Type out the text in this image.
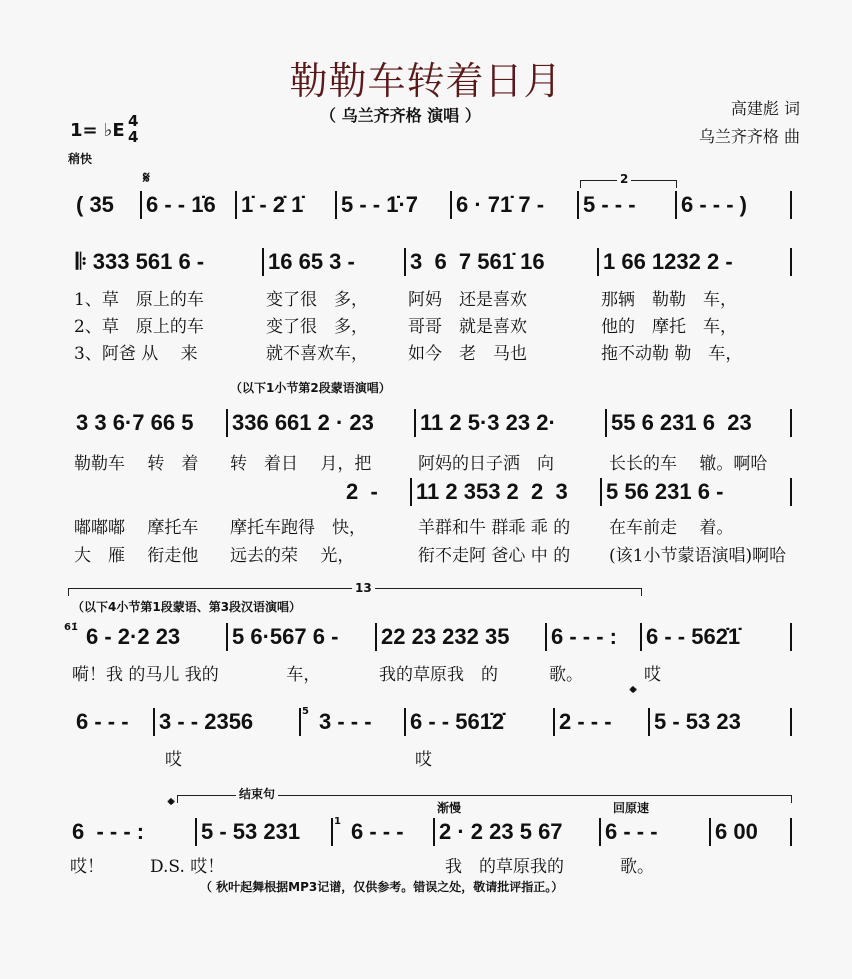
勒勒车转着日月
（ 乌兰齐齐格 演唱 ）	高建彪 词
乌兰齐齐格 曲
1= ♭E 4
4
稍快
𝄋	2
（以下1小节第2段蒙语演唱）
13
（以下4小节第1段蒙语、第3段汉语演唱）
𝄌
结束句
𝄌	渐慢	回原速
61̇
5
1
（ 秋叶起舞根据MP3记谱，仅供参考。错误之处，敬请批评指正。）
( 35 6 - - 1̇6 1̇ - 2̇ 1̇ 5 - - 1̇·7 6 · 71̇ 7 - 5 - - - 6 - - - )
𝄆 333 561 6 -	16 65 3 -	3  6  7 561̇ 16	1 66 1232 2 -
3 3 6·7 66 5 336 661 2 · 23 11 2 5·3 23 2·	55 6 231 6  23
2  - 11 2 353 2  2  3 5 56 231 6 -
6 - 2·2 23 5 6·567 6 - 22 23 232 35 6 - - - : 6 - - 562̇1̇
6 - - - 3 - - 2356	3 - - - 6 - - 561̇2̇ 2 - - - 5 - 53 23
6  - - - :	5 - 53 231 6 - - - 2 · 2 23 5 67 6 - - -	6 00
1、草　原上的车	变了很　多， 阿妈　还是喜欢	那辆　勒勒　车，
2、草　原上的车	变了很　多， 哥哥　就是喜欢	他的　摩托　车，
3、阿爸 从　 来	就不喜欢车， 如今　老　马也	拖不动勒 勒　车，
勒勒车　 转　着 转　着日　 月，把	阿妈的日子洒　向	长长的车　 辙。啊哈
嘟嘟嘟　 摩托车 摩托车跑得　快，	羊群和牛 群乖 乖 的 在车前走　 着。
大　雁　 衔走他 远去的荣　 光，	衔不走阿 爸心 中 的 (该1小节蒙语演唱)啊哈
嗬！我 的马儿 我的 　　　 车，	我的草原我　的	歌。	哎
哎	哎
哎！	D.S. 哎！	我　的草原我的	歌。
